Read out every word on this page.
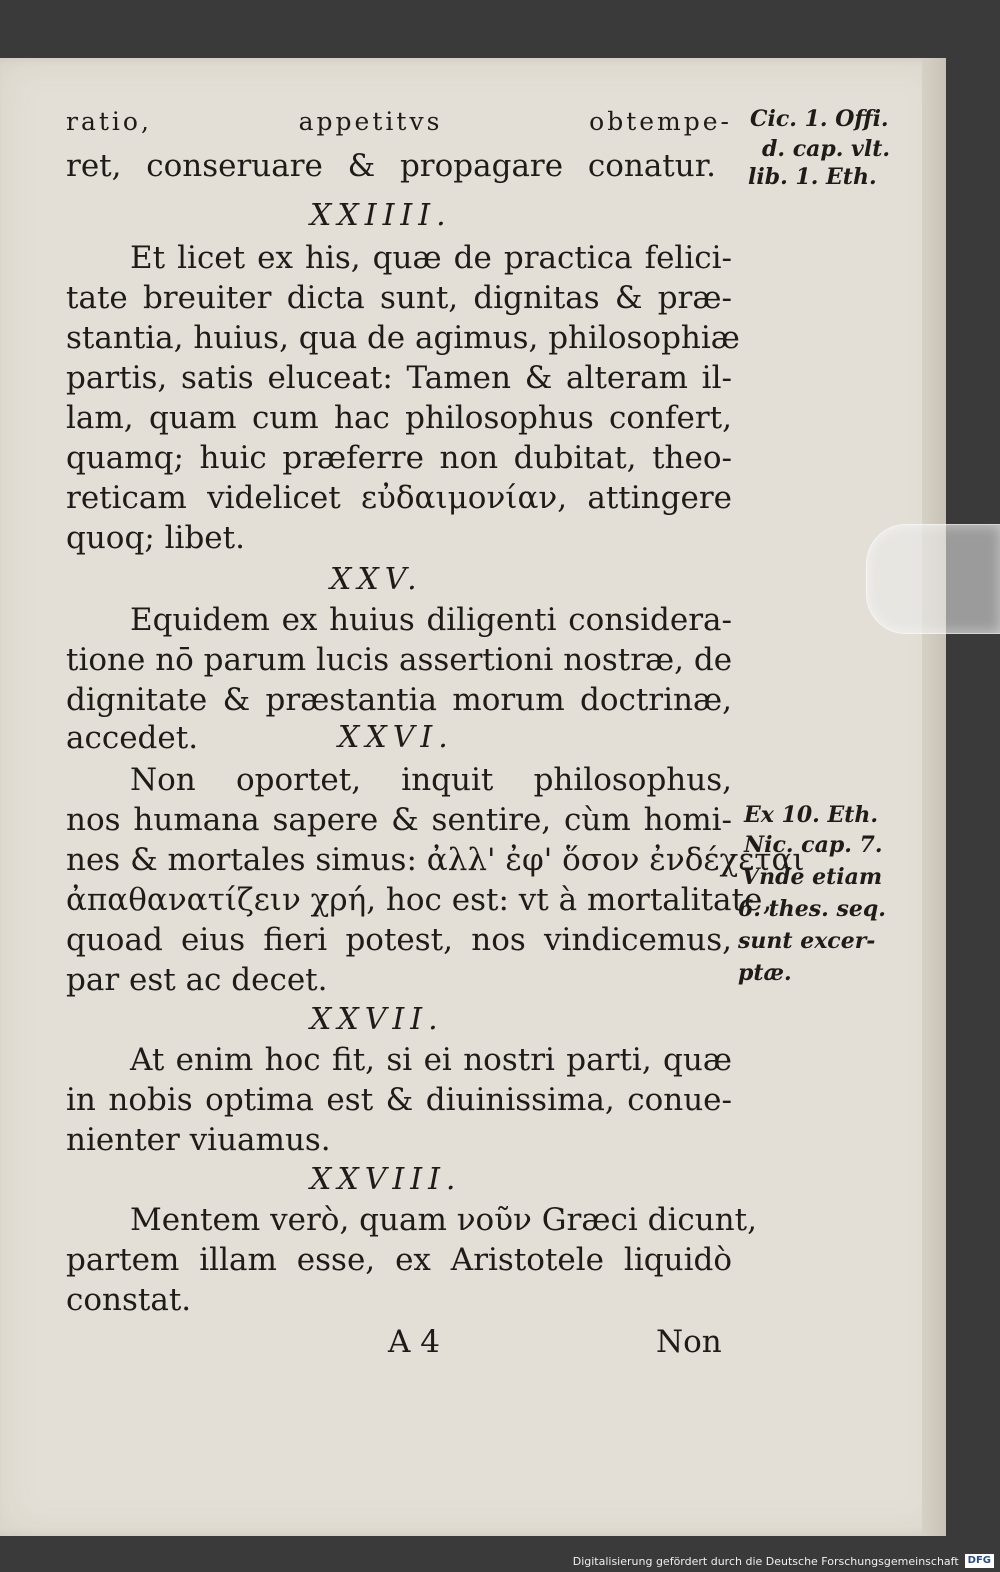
ratio, appetitvs obtempe-
ret, conseruare & propagare conatur.
XXIIII.
Et licet ex his, quæ de practica felici-
tate breuiter dicta sunt, dignitas & præ-
stantia, huius, qua de agimus, philosophiæ
partis, satis eluceat: Tamen & alteram il-
lam, quam cum hac philosophus confert,
quamq; huic præferre non dubitat, theo-
reticam videlicet εὐδαιμονίαν, attingere
quoq; libet.
XXV.
Equidem ex huius diligenti considera-
tione nō parum lucis assertioni nostræ, de
dignitate & præstantia morum doctrinæ,
accedet.	XXVI.
Non oportet, inquit philosophus,
nos humana sapere & sentire, cùm homi-
nes & mortales simus: ἀλλ' ἐφ' ὅσον ἐνδέχεται
ἀπαθανατίζειν χρή, hoc est: vt à mortalitate,
quoad eius fieri potest, nos vindicemus,
par est ac decet.
XXVII.
At enim hoc fit, si ei nostri parti, quæ
in nobis optima est & diuinissima, conue-
nienter viuamus.
XXVIII.
Mentem verò, quam νοῦν Græci dicunt,
partem illam esse, ex Aristotele liquidò
constat.
A 4	Non
Cic. 1. Offi.
d. cap. vlt.
lib. 1. Eth.
Ex 10. Eth.
Nic. cap. 7.
Vnde etiam
6. thes. seq.
sunt excer-
ptæ.
Digitalisierung gefördert durch die Deutsche Forschungsgemeinschaft DFG
